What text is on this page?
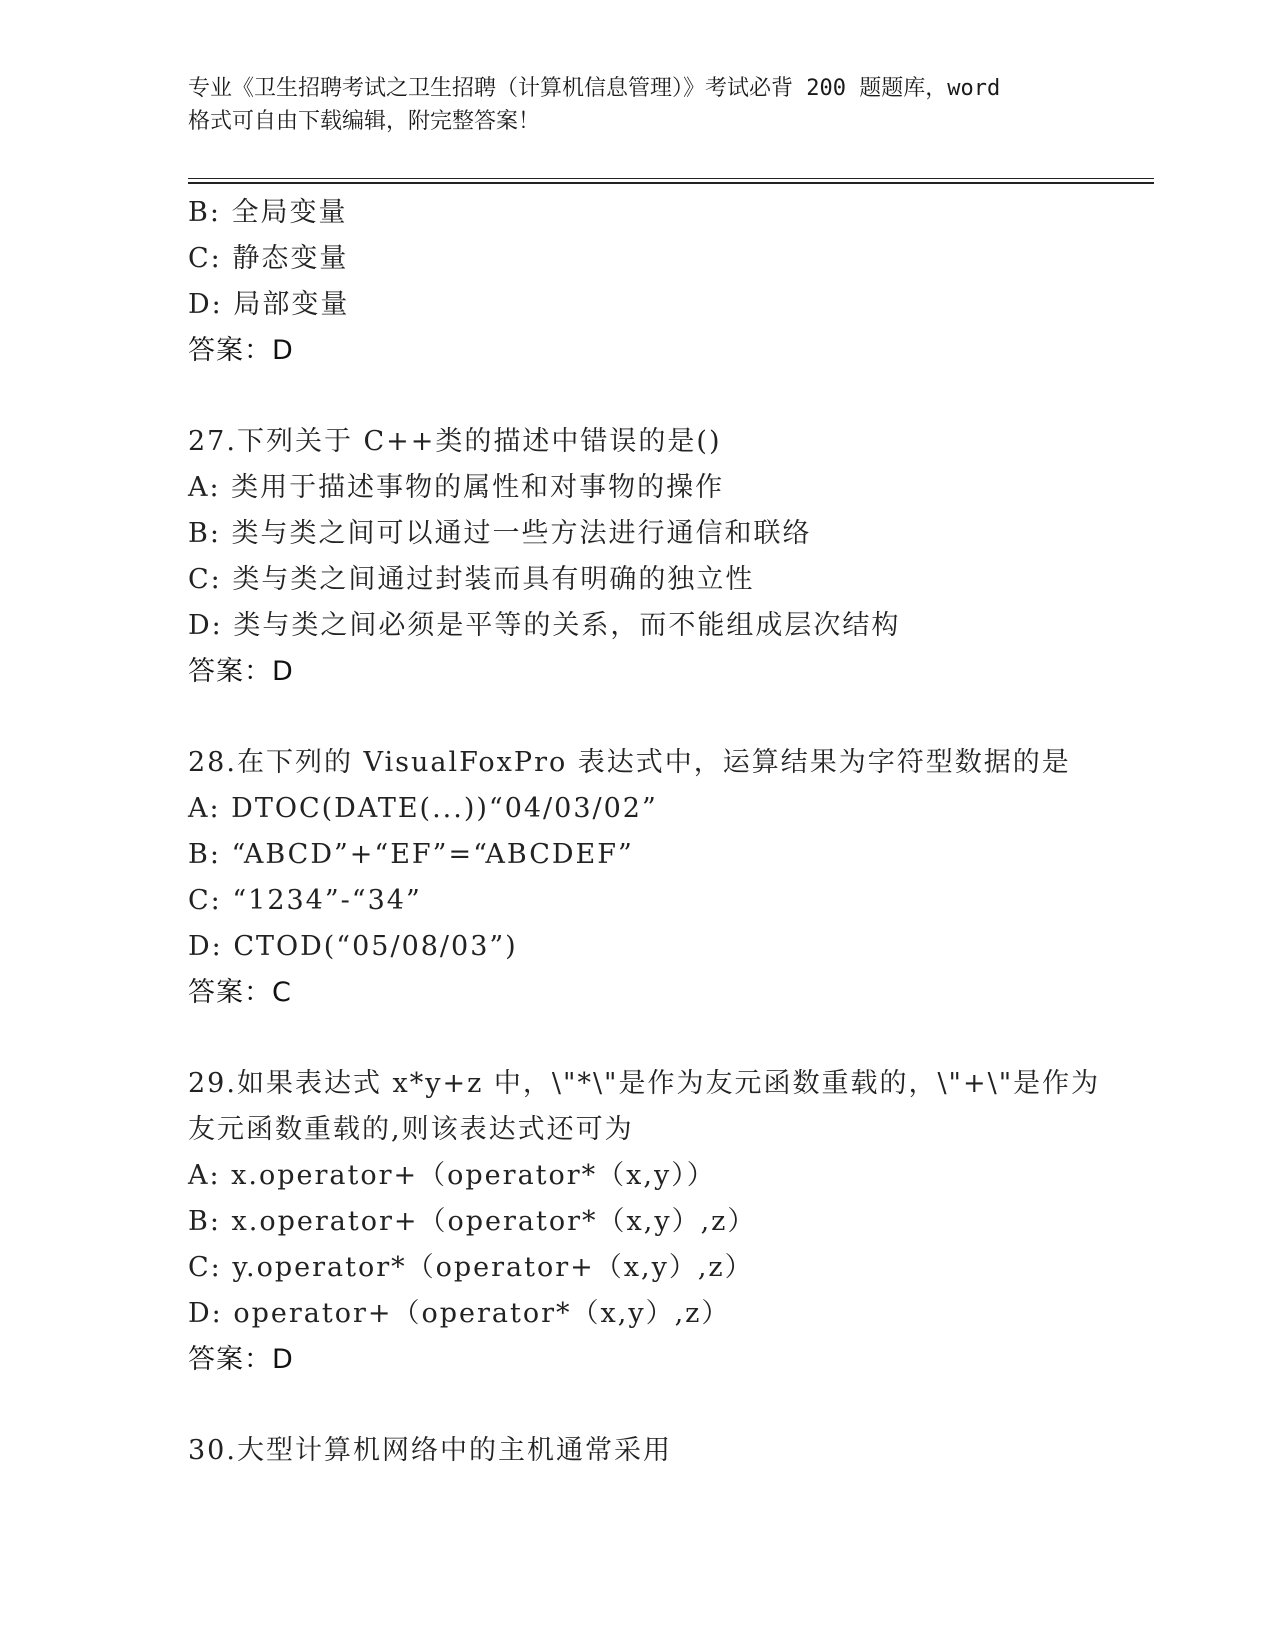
专业《卫生招聘考试之卫生招聘（计算机信息管理）》考试必背 200 题题库，word
格式可自由下载编辑，附完整答案！
B: 全局变量
C: 静态变量
D: 局部变量
答案：D
27.下列关于 C++类的描述中错误的是()
A: 类用于描述事物的属性和对事物的操作
B: 类与类之间可以通过一些方法进行通信和联络
C: 类与类之间通过封装而具有明确的独立性
D: 类与类之间必须是平等的关系，而不能组成层次结构
答案：D
28.在下列的 VisualFoxPro 表达式中，运算结果为字符型数据的是
A: DTOC(DATE(...))“04/03/02”
B: “ABCD”+“EF”=“ABCDEF”
C: “1234”-“34”
D: CTOD(“05/08/03”)
答案：C
29.如果表达式 x*y+z 中，\"*\"是作为友元函数重载的，\"+\"是作为
友元函数重载的,则该表达式还可为
A: x.operator+（operator*（x,y））
B: x.operator+（operator*（x,y）,z）
C: y.operator*（operator+（x,y）,z）
D: operator+（operator*（x,y）,z）
答案：D
30.大型计算机网络中的主机通常采用
